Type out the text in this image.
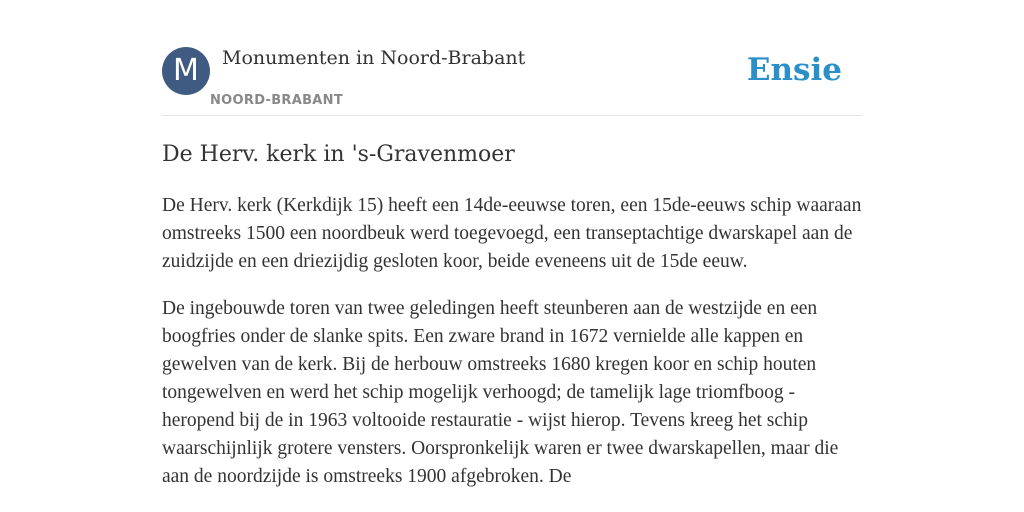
M	Monumenten in Noord-Brabant
NOORD-BRABANT
Ensie
De Herv. kerk in 's-Gravenmoer

De Herv. kerk (Kerkdijk 15) heeft een 14de-eeuwse toren, een 15de-eeuws schip waaraan omstreeks 1500 een noordbeuk werd toegevoegd, een transeptachtige dwarskapel aan de zuidzijde en een driezijdig gesloten koor, beide eveneens uit de 15de eeuw.

De ingebouwde toren van twee geledingen heeft steunberen aan de westzijde en een boogfries onder de slanke spits. Een zware brand in 1672 vernielde alle kappen en gewelven van de kerk. Bij de herbouw omstreeks 1680 kregen koor en schip houten tongewelven en werd het schip mogelijk verhoogd; de tamelijk lage triomfboog - heropend bij de in 1963 voltooide restauratie - wijst hierop. Tevens kreeg het schip waarschijnlijk grotere vensters. Oorspronkelijk waren er twee dwarskapellen, maar die aan de noordzijde is omstreeks 1900 afgebroken. De
